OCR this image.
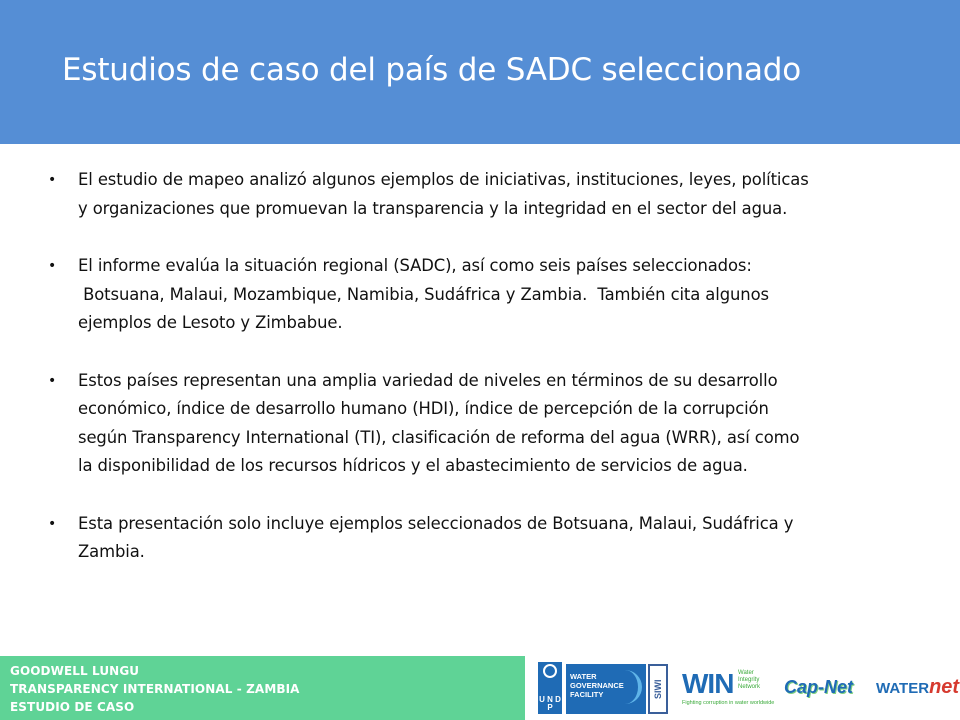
Estudios de caso del país de SADC seleccionado
• El estudio de mapeo analizó algunos ejemplos de iniciativas, instituciones, leyes, políticas
y organizaciones que promuevan la transparencia y la integridad en el sector del agua.
• El informe evalúa la situación regional (SADC), así como seis países seleccionados:
Botsuana, Malaui, Mozambique, Namibia, Sudáfrica y Zambia.  También cita algunos
ejemplos de Lesoto y Zimbabue.
• Estos países representan una amplia variedad de niveles en términos de su desarrollo
económico, índice de desarrollo humano (HDI), índice de percepción de la corrupción
según Transparency International (TI), clasificación de reforma del agua (WRR), así como
la disponibilidad de los recursos hídricos y el abastecimiento de servicios de agua.
• Esta presentación solo incluye ejemplos seleccionados de Botsuana, Malaui, Sudáfrica y
Zambia.
GOODWELL LUNGU
TRANSPARENCY INTERNATIONAL - ZAMBIA
ESTUDIO DE CASO
U N D P
WATER
GOVERNANCE
FACILITY	SIWI WIN Water
Integrity
Network
Fighting corruption in water worldwide
Cap-Net	WATERnet
